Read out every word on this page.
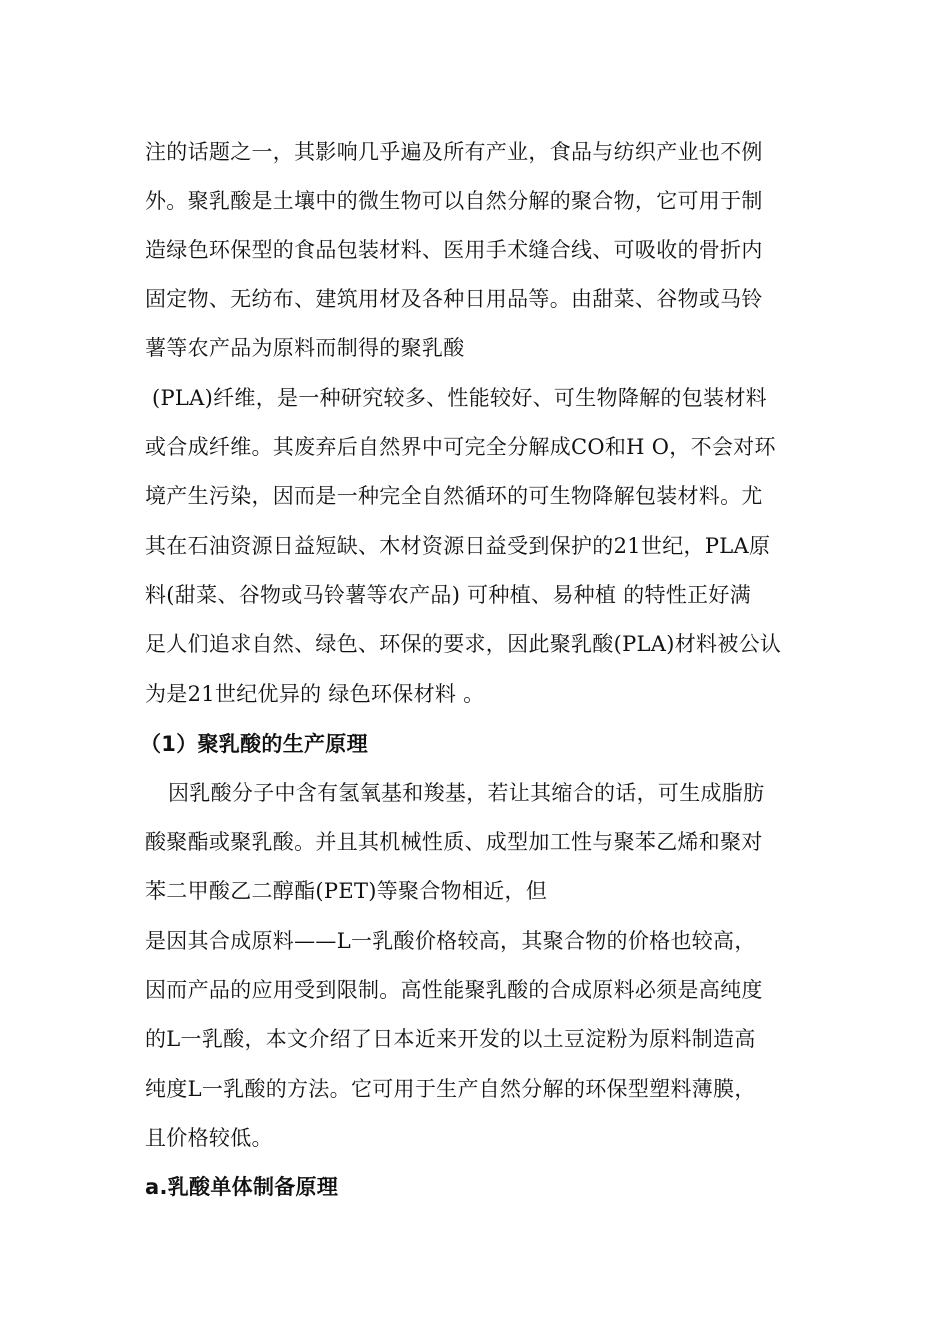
注的话题之一，其影响几乎遍及所有产业，食品与纺织产业也不例
外。聚乳酸是土壤中的微生物可以自然分解的聚合物，它可用于制
造绿色环保型的食品包装材料、医用手术缝合线、可吸收的骨折内
固定物、无纺布、建筑用材及各种日用品等。由甜菜、谷物或马铃
薯等农产品为原料而制得的聚乳酸
(PLA)纤维，是一种研究较多、性能较好、可生物降解的包装材料
或合成纤维。其废弃后自然界中可完全分解成CO和H O，不会对环
境产生污染，因而是一种完全自然循环的可生物降解包装材料。尤
其在石油资源日益短缺、木材资源日益受到保护的21世纪，PLA原
料(甜菜、谷物或马铃薯等农产品) 可种植、易种植 的特性正好满
足人们追求自然、绿色、环保的要求，因此聚乳酸(PLA)材料被公认
为是21世纪优异的 绿色环保材料 。
（1）聚乳酸的生产原理
因乳酸分子中含有氢氧基和羧基，若让其缩合的话，可生成脂肪
酸聚酯或聚乳酸。并且其机械性质、成型加工性与聚苯乙烯和聚对
苯二甲酸乙二醇酯(PET)等聚合物相近，但
是因其合成原料——L一乳酸价格较高，其聚合物的价格也较高，
因而产品的应用受到限制。高性能聚乳酸的合成原料必须是高纯度
的L一乳酸，本文介绍了日本近来开发的以土豆淀粉为原料制造高
纯度L一乳酸的方法。它可用于生产自然分解的环保型塑料薄膜，
且价格较低。
a.乳酸单体制备原理
